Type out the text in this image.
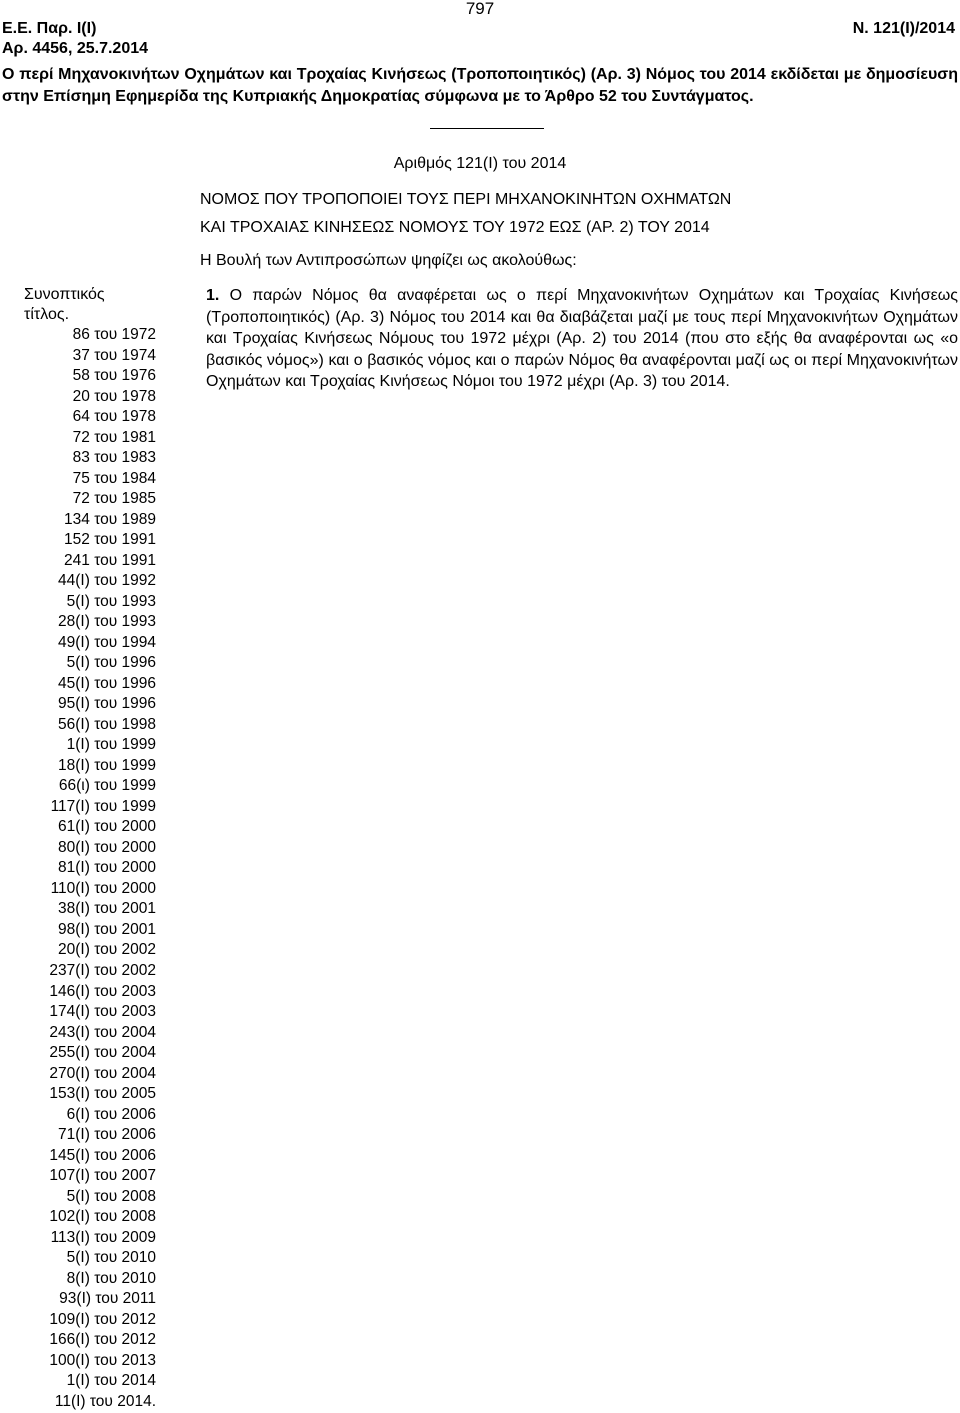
797
Ε.Ε. Παρ. Ι(Ι)
Αρ. 4456, 25.7.2014
Ν. 121(Ι)/2014

Ο περί Μηχανοκινήτων Οχημάτων και Τροχαίας Κινήσεως (Τροποποιητικός) (Αρ. 3) Νόμος του 2014 εκδίδεται με δημοσίευση στην Επίσημη Εφημερίδα της Κυπριακής Δημοκρατίας σύμφωνα με το Άρθρο 52 του Συντάγματος.

Αριθμός 121(Ι) του 2014
ΝΟΜΟΣ ΠΟΥ ΤΡΟΠΟΠΟΙΕΙ ΤΟΥΣ ΠΕΡΙ ΜΗΧΑΝΟΚΙΝΗΤΩΝ ΟΧΗΜΑΤΩΝ
ΚΑΙ ΤΡΟΧΑΙΑΣ ΚΙΝΗΣΕΩΣ ΝΟΜΟΥΣ ΤΟΥ 1972 ΕΩΣ (ΑΡ. 2) ΤΟΥ 2014
Η Βουλή των Αντιπροσώπων ψηφίζει ως ακολούθως:
Συνοπτικός
τίτλος.
86 του 1972
37 του 1974
58 του 1976
20 του 1978
64 του 1978
72 του 1981
83 του 1983
75 του 1984
72 του 1985
134 του 1989
152 του 1991
241 του 1991
44(Ι) του 1992
5(Ι) του 1993
28(Ι) του 1993
49(Ι) του 1994
5(Ι) του 1996
45(Ι) του 1996
95(Ι) του 1996
56(Ι) του 1998
1(Ι) του 1999
18(Ι) του 1999
66(ι) του 1999
117(Ι) του 1999
61(Ι) του 2000
80(Ι) του 2000
81(Ι) του 2000
110(Ι) του 2000
38(Ι) του 2001
98(Ι) του 2001
20(Ι) του 2002
237(Ι) του 2002
146(Ι) του 2003
174(Ι) του 2003
243(Ι) του 2004
255(Ι) του 2004
270(Ι) του 2004
153(Ι) του 2005
6(Ι) του 2006
71(Ι) του 2006
145(Ι) του 2006
107(Ι) του 2007
5(Ι) του 2008
102(Ι) του 2008
113(Ι) του 2009
5(Ι) του 2010
8(Ι) του 2010
93(Ι) του 2011
109(Ι) του 2012
166(Ι) του 2012
100(Ι) του 2013
1(Ι) του 2014
11(Ι) του 2014.

1. Ο παρών Νόμος θα αναφέρεται ως ο περί Μηχανοκινήτων Οχημάτων και Τροχαίας Κινήσεως (Τροποποιητικός) (Αρ. 3) Νόμος του 2014 και θα διαβάζεται μαζί με τους περί Μηχανοκινήτων Οχημάτων και Τροχαίας Κινήσεως Νόμους του 1972 μέχρι (Αρ. 2) του 2014 (που στο εξής θα αναφέρονται ως «ο βασικός νόμος») και ο βασικός νόμος και ο παρών Νόμος θα αναφέρονται μαζί ως οι περί Μηχανοκινήτων Οχημάτων και Τροχαίας Κινήσεως Νόμοι του 1972 μέχρι (Αρ. 3) του 2014.
